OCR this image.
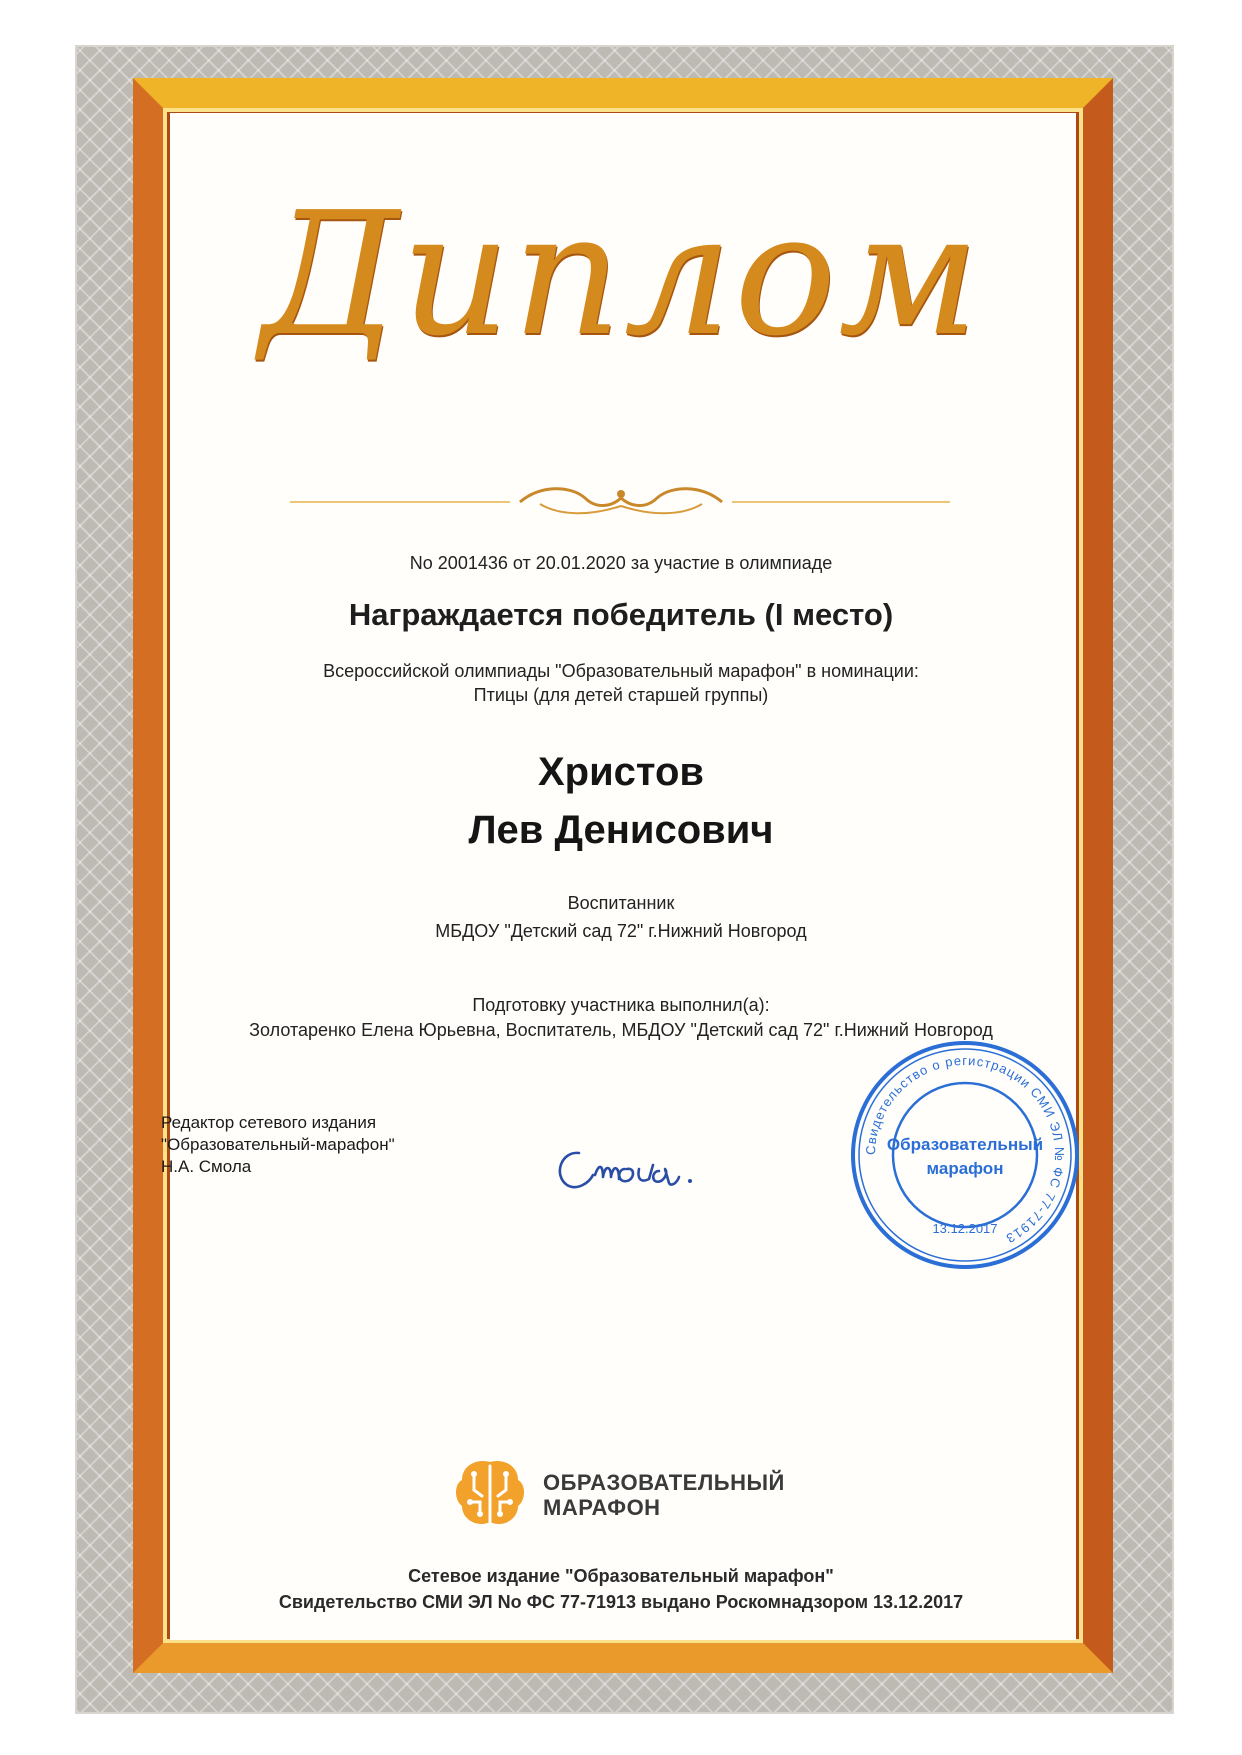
Диплом
No 2001436 от 20.01.2020 за участие в олимпиаде
Награждается победитель (I место)
Всероссийской олимпиады "Образовательный марафон" в номинации:
Птицы (для детей старшей группы)
Христов
Лев Денисович
Воспитанник
МБДОУ "Детский сад 72" г.Нижний Новгород
Подготовку участника выполнил(а):
Золотаренко Елена Юрьевна, Воспитатель, МБДОУ "Детский сад 72" г.Нижний Новгород
Редактор сетевого издания
"Образовательный-марафон"
Н.А. Смола
Свидетельство о регистрации СМИ ЭЛ № ФС 77-71913
13.12.2017
Образовательный
марафон
ОБРАЗОВАТЕЛЬНЫЙ
МАРАФОН
Сетевое издание "Образовательный марафон"
Свидетельство СМИ ЭЛ No ФС 77-71913 выдано Роскомнадзором 13.12.2017
